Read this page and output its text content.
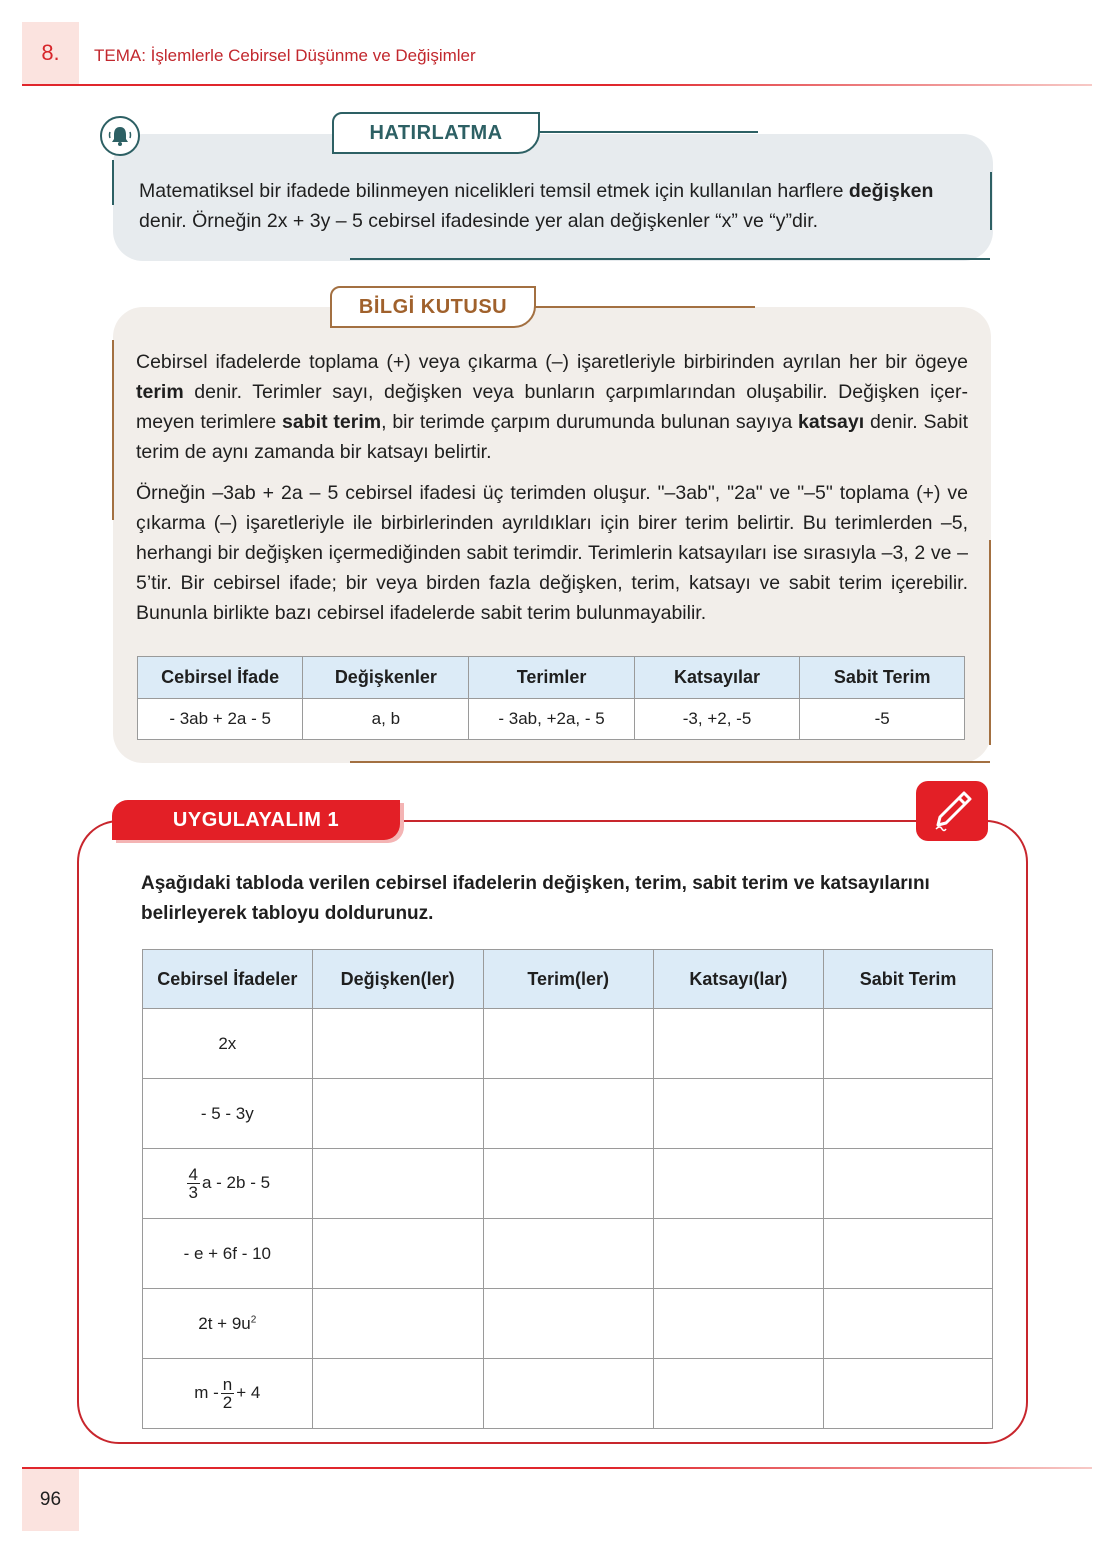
8.	TEMA: İşlemlerle Cebirsel Düşünme ve Değişimler
HATIRLATMA
Matematiksel bir ifadede bilinmeyen nicelikleri temsil etmek için kullanılan harflere değişken denir. Örneğin 2x + 3y – 5 cebirsel ifadesinde yer alan değişkenler “x” ve “y”dir.
BİLGİ KUTUSU
Cebirsel ifadelerde toplama (+) veya çıkarma (–) işaretleriyle birbirinden ayrılan her bir ögeye terim denir. Terimler sayı, değişken veya bunların çarpımlarından oluşabilir. Değişken içer-meyen terimlere sabit terim, bir terimde çarpım durumunda bulunan sayıya katsayı denir. Sabit terim de aynı zamanda bir katsayı belirtir.
Örneğin –3ab + 2a – 5 cebirsel ifadesi üç terimden oluşur. "–3ab", "2a" ve "–5" toplama (+) ve çıkarma (–) işaretleriyle ile birbirlerinden ayrıldıkları için birer terim belirtir. Bu terimlerden –5, herhangi bir değişken içermediğinden sabit terimdir. Terimlerin katsayıları ise sırasıyla –3, 2 ve –5’tir. Bir cebirsel ifade; bir veya birden fazla değişken, terim, katsayı ve sabit terim içerebilir. Bununla birlikte bazı cebirsel ifadelerde sabit terim bulunmayabilir.
Cebirsel İfade	Değişkenler	Terimler	Katsayılar	Sabit Terim
- 3ab + 2a - 5	a, b	- 3ab, +2a, - 5	-3, +2, -5	-5
UYGULAYALIM 1
Aşağıdaki tabloda verilen cebirsel ifadelerin değişken, terim, sabit terim ve katsayılarını belirleyerek tabloyu doldurunuz.
Cebirsel İfadeler	Değişken(ler)	Terim(ler)	Katsayı(lar)	Sabit Terim
2x				
- 5 - 3y				

$\frac{4}{3}$ a - 2b - 5				
- e + 6f - 10				
$2t + 9u^2$				
$m - \frac{n}{2} + 4$				
96
